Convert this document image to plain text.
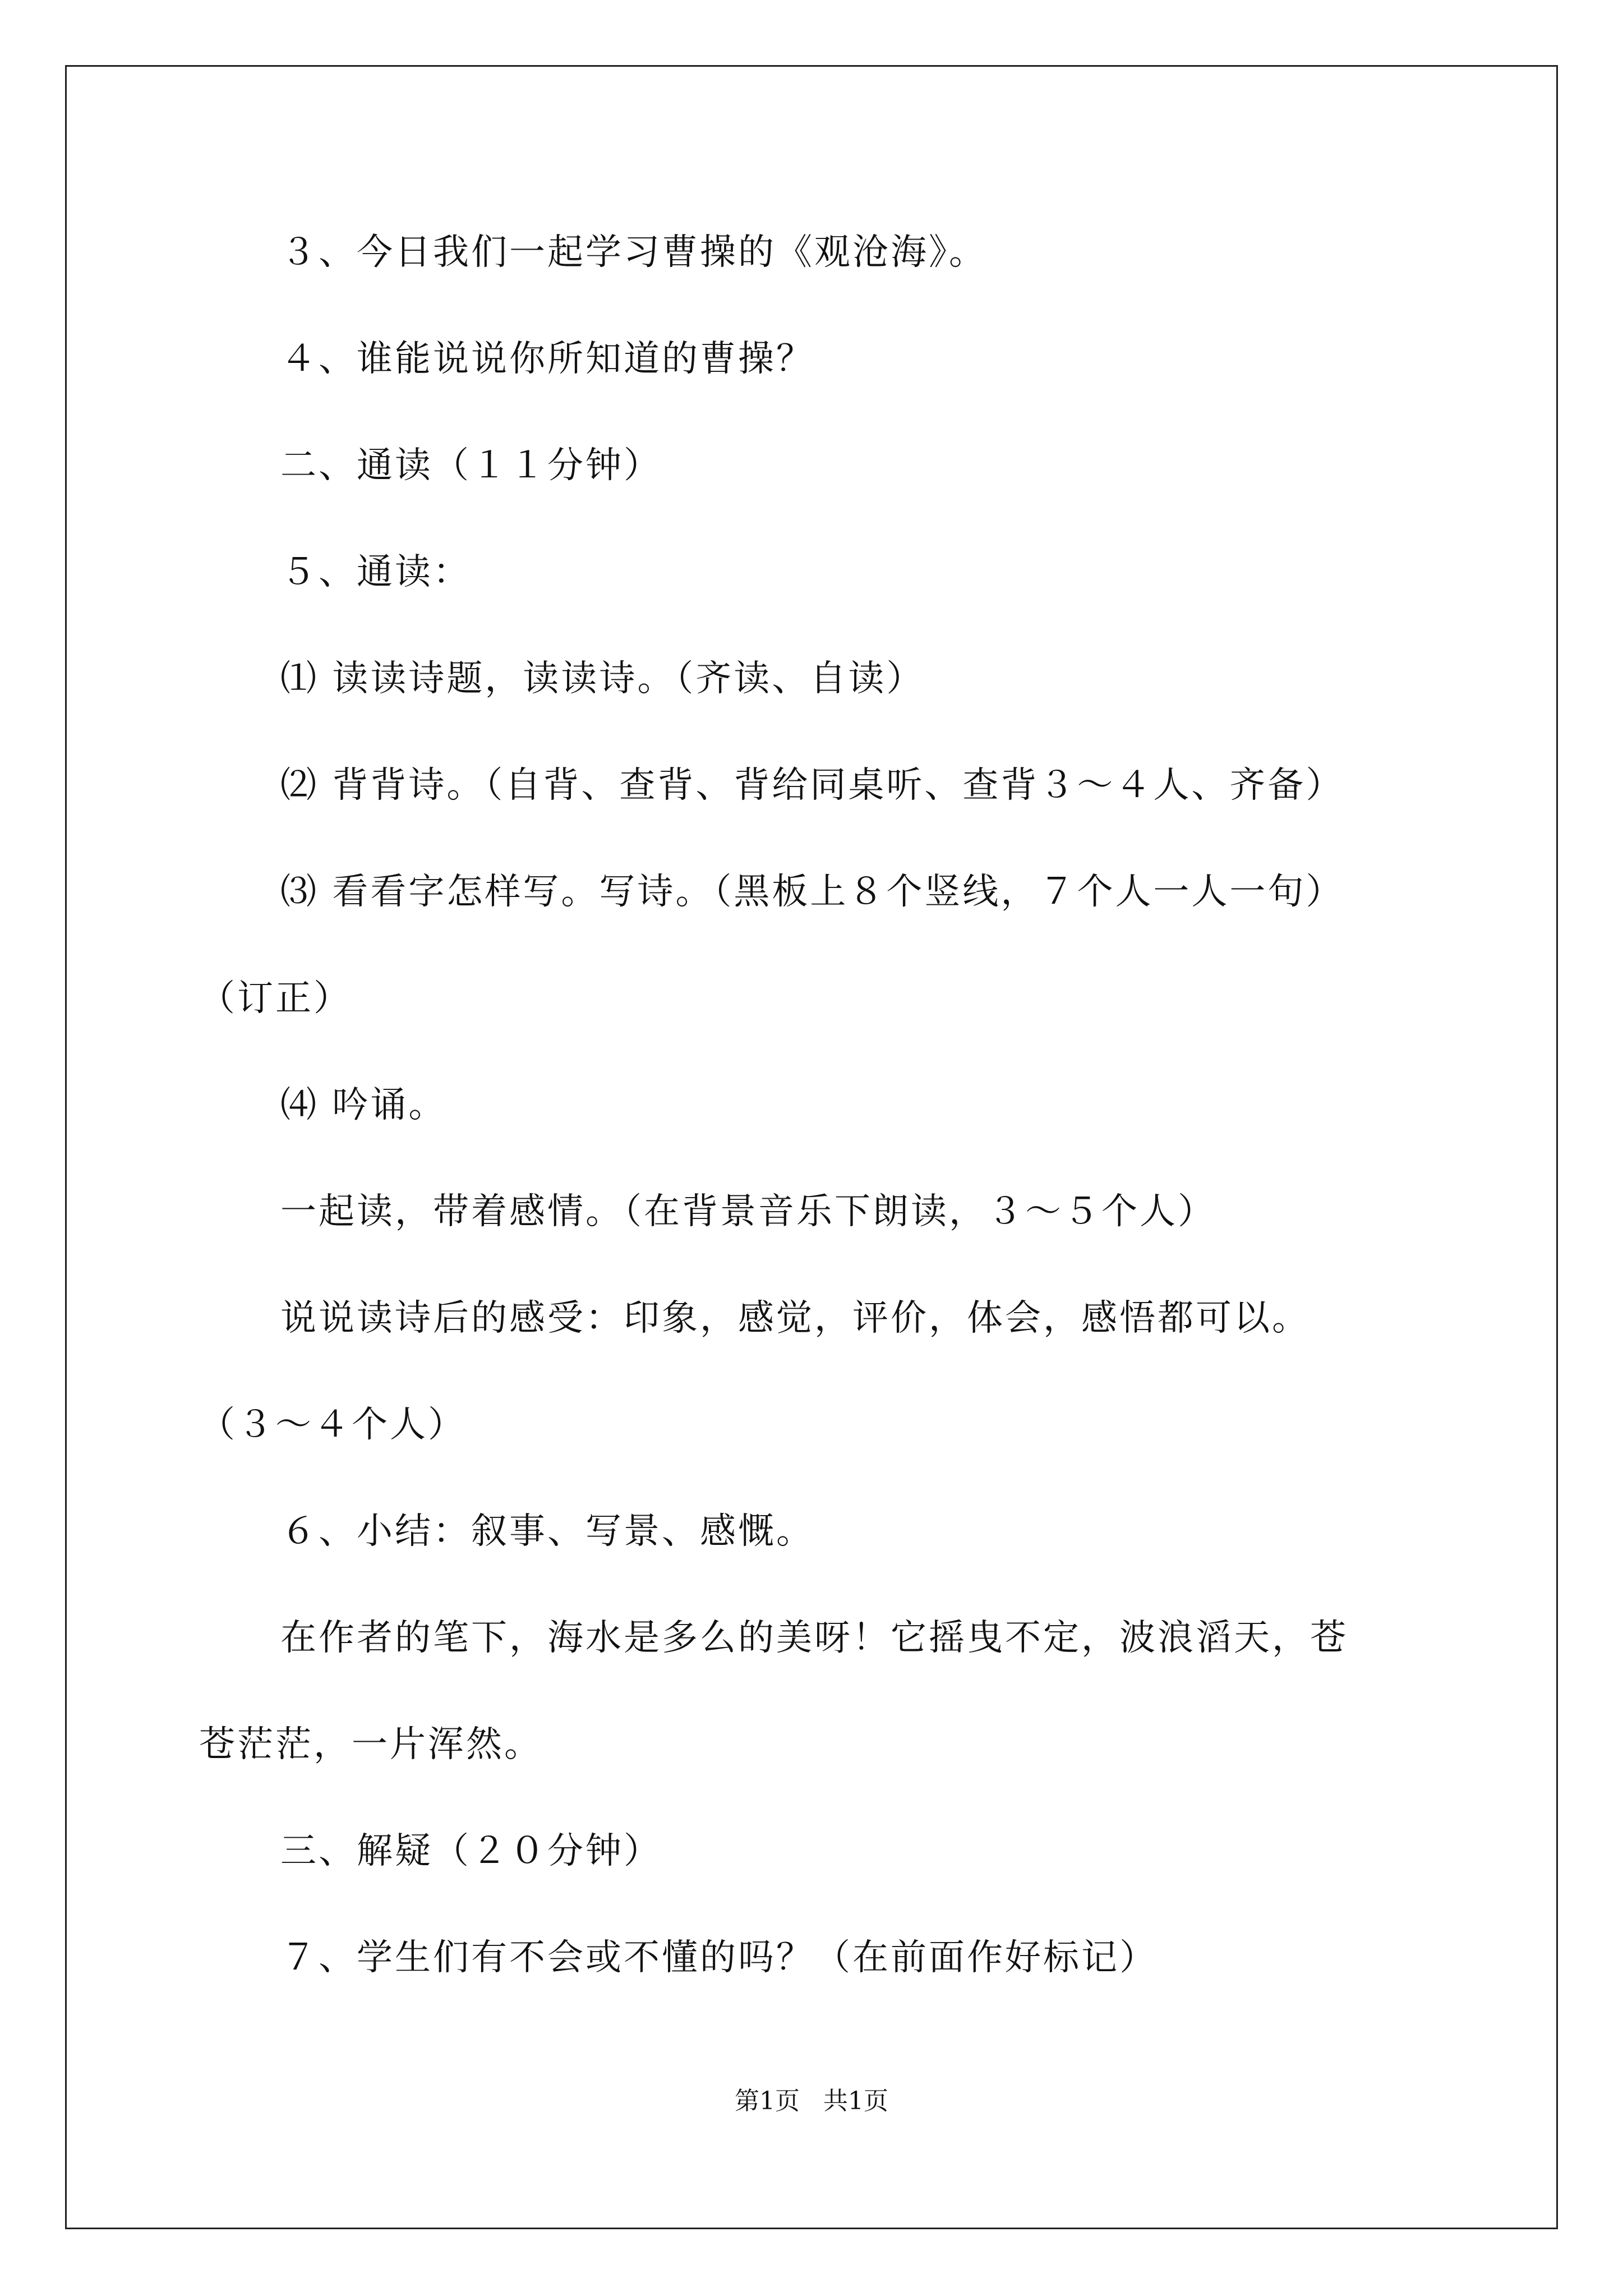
３、今日我们一起学习曹操的《观沧海》。
４、谁能说说你所知道的曹操？
二、通读（１１分钟）
５、通读：
⑴ 读读诗题，读读诗。（齐读、自读）
⑵ 背背诗。（自背、查背、背给同桌听、查背３～４人、齐备）
⑶ 看看字怎样写。写诗。（黑板上８个竖线，７个人一人一句）
（订正）
⑷ 吟诵。
一起读，带着感情。（在背景音乐下朗读，３～５个人）
说说读诗后的感受：印象，感觉，评价，体会，感悟都可以。
（３～４个人）
６、小结：叙事、写景、感慨。
在作者的笔下，海水是多么的美呀！它摇曳不定，波浪滔天，苍
苍茫茫，一片浑然。
三、解疑（２０分钟）
７、学生们有不会或不懂的吗？（在前面作好标记）
第1页 共1页
